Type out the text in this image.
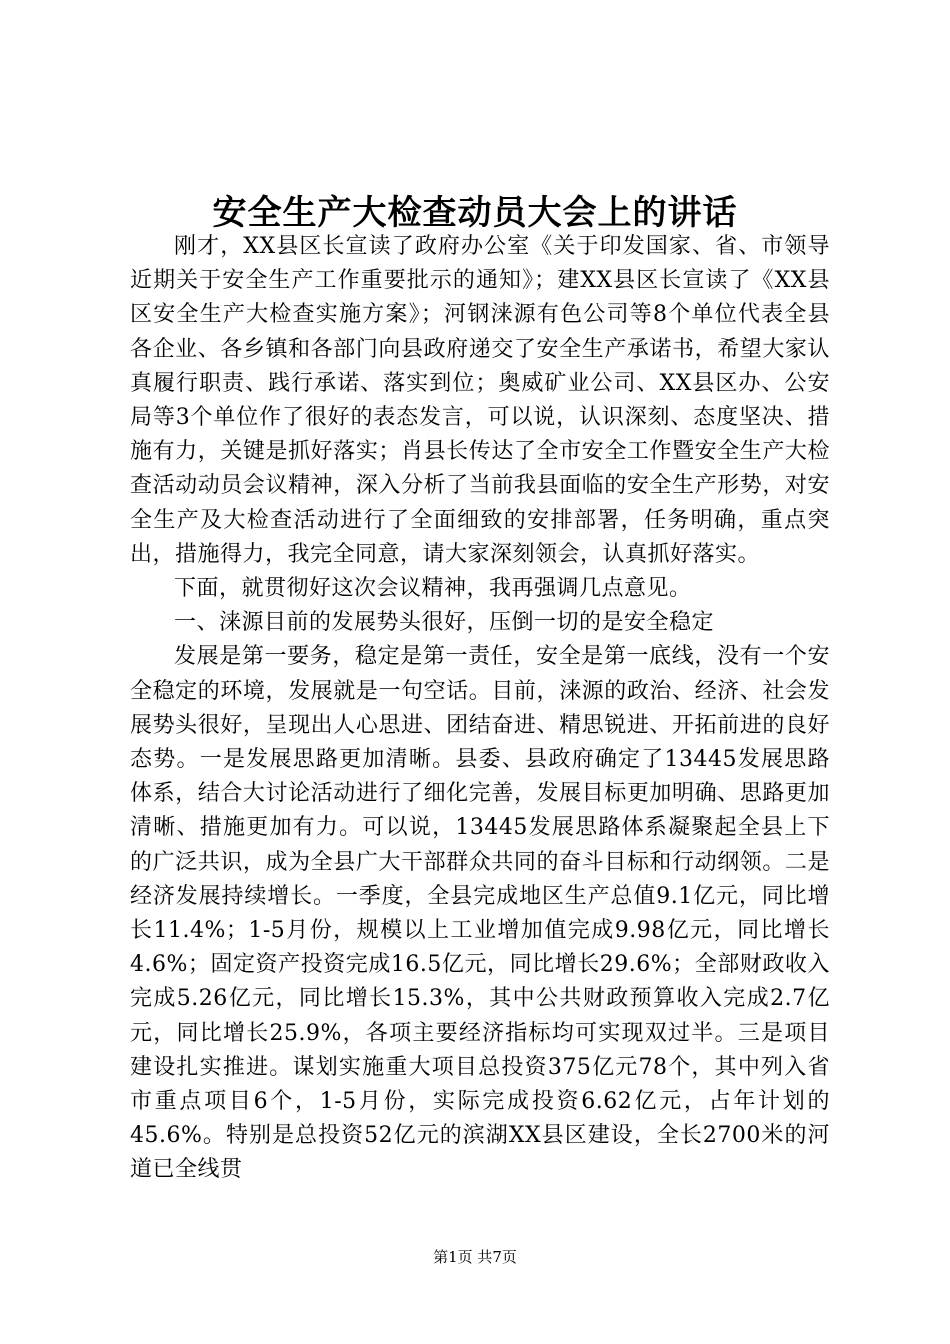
安全生产大检查动员大会上的讲话

刚才，XX县区长宣读了政府办公室《关于印发国家、省、市领导近期关于安全生产工作重要批示的通知》；建XX县区长宣读了《XX县区安全生产大检查实施方案》；河钢涞源有色公司等8个单位代表全县各企业、各乡镇和各部门向县政府递交了安全生产承诺书，希望大家认真履行职责、践行承诺、落实到位；奥威矿业公司、XX县区办、公安局等3个单位作了很好的表态发言，可以说，认识深刻、态度坚决、措施有力，关键是抓好落实；肖县长传达了全市安全工作暨安全生产大检查活动动员会议精神，深入分析了当前我县面临的安全生产形势，对安全生产及大检查活动进行了全面细致的安排部署，任务明确，重点突出，措施得力，我完全同意，请大家深刻领会，认真抓好落实。

下面，就贯彻好这次会议精神，我再强调几点意见。

一、涞源目前的发展势头很好，压倒一切的是安全稳定

发展是第一要务，稳定是第一责任，安全是第一底线，没有一个安全稳定的环境，发展就是一句空话。目前，涞源的政治、经济、社会发展势头很好，呈现出人心思进、团结奋进、精思锐进、开拓前进的良好态势。一是发展思路更加清晰。县委、县政府确定了13445发展思路体系，结合大讨论活动进行了细化完善，发展目标更加明确、思路更加清晰、措施更加有力。可以说，13445发展思路体系凝聚起全县上下的广泛共识，成为全县广大干部群众共同的奋斗目标和行动纲领。二是经济发展持续增长。一季度，全县完成地区生产总值9.1亿元，同比增长11.4%；1-5月份，规模以上工业增加值完成9.98亿元，同比增长4.6%；固定资产投资完成16.5亿元，同比增长29.6%；全部财政收入完成5.26亿元，同比增长15.3%，其中公共财政预算收入完成2.7亿元，同比增长25.9%，各项主要经济指标均可实现双过半。三是项目建设扎实推进。谋划实施重大项目总投资375亿元78个，其中列入省市重点项目6个，1-5月份，实际完成投资6.62亿元，占年计划的45.6%。特别是总投资52亿元的滨湖XX县区建设，全长2700米的河道已全线贯

第1页 共7页
